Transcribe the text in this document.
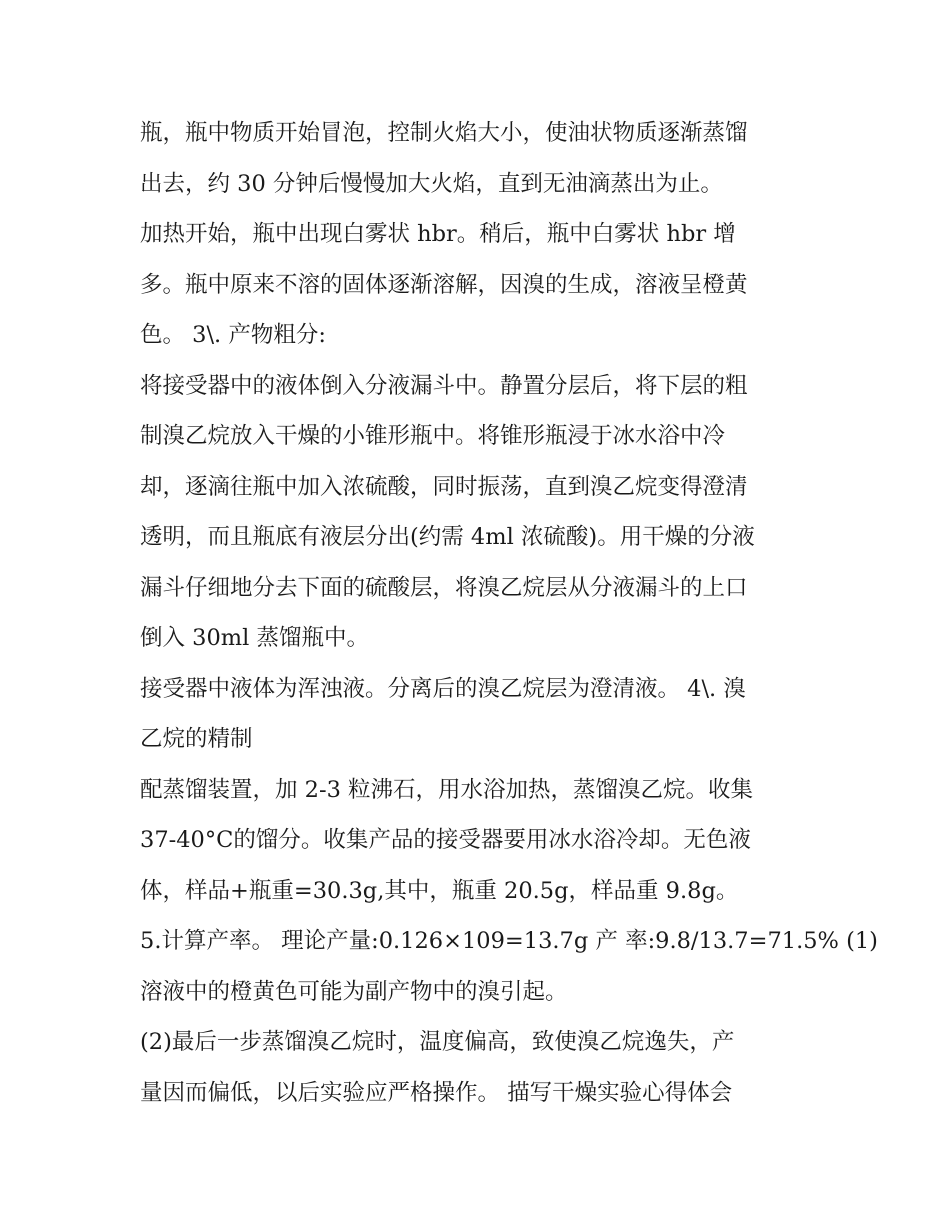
瓶，瓶中物质开始冒泡，控制火焰大小，使油状物质逐渐蒸馏
出去，约 30 分钟后慢慢加大火焰，直到无油滴蒸出为止。
加热开始，瓶中出现白雾状 hbr。稍后，瓶中白雾状 hbr 增
多。瓶中原来不溶的固体逐渐溶解，因溴的生成，溶液呈橙黄
色。 3\. 产物粗分:
将接受器中的液体倒入分液漏斗中。静置分层后，将下层的粗
制溴乙烷放入干燥的小锥形瓶中。将锥形瓶浸于冰水浴中冷
却，逐滴往瓶中加入浓硫酸，同时振荡，直到溴乙烷变得澄清
透明，而且瓶底有液层分出(约需 4ml 浓硫酸)。用干燥的分液
漏斗仔细地分去下面的硫酸层，将溴乙烷层从分液漏斗的上口
倒入 30ml 蒸馏瓶中。
接受器中液体为浑浊液。分离后的溴乙烷层为澄清液。 4\. 溴
乙烷的精制
配蒸馏装置，加 2-3 粒沸石，用水浴加热，蒸馏溴乙烷。收集
37-40°C的馏分。收集产品的接受器要用冰水浴冷却。无色液
体，样品+瓶重=30.3g,其中，瓶重 20.5g，样品重 9.8g。
5.计算产率。 理论产量:0.126×109=13.7g 产 率:9.8/13.7=71.5% (1)
溶液中的橙黄色可能为副产物中的溴引起。
(2)最后一步蒸馏溴乙烷时，温度偏高，致使溴乙烷逸失，产
量因而偏低，以后实验应严格操作。 描写干燥实验心得体会
